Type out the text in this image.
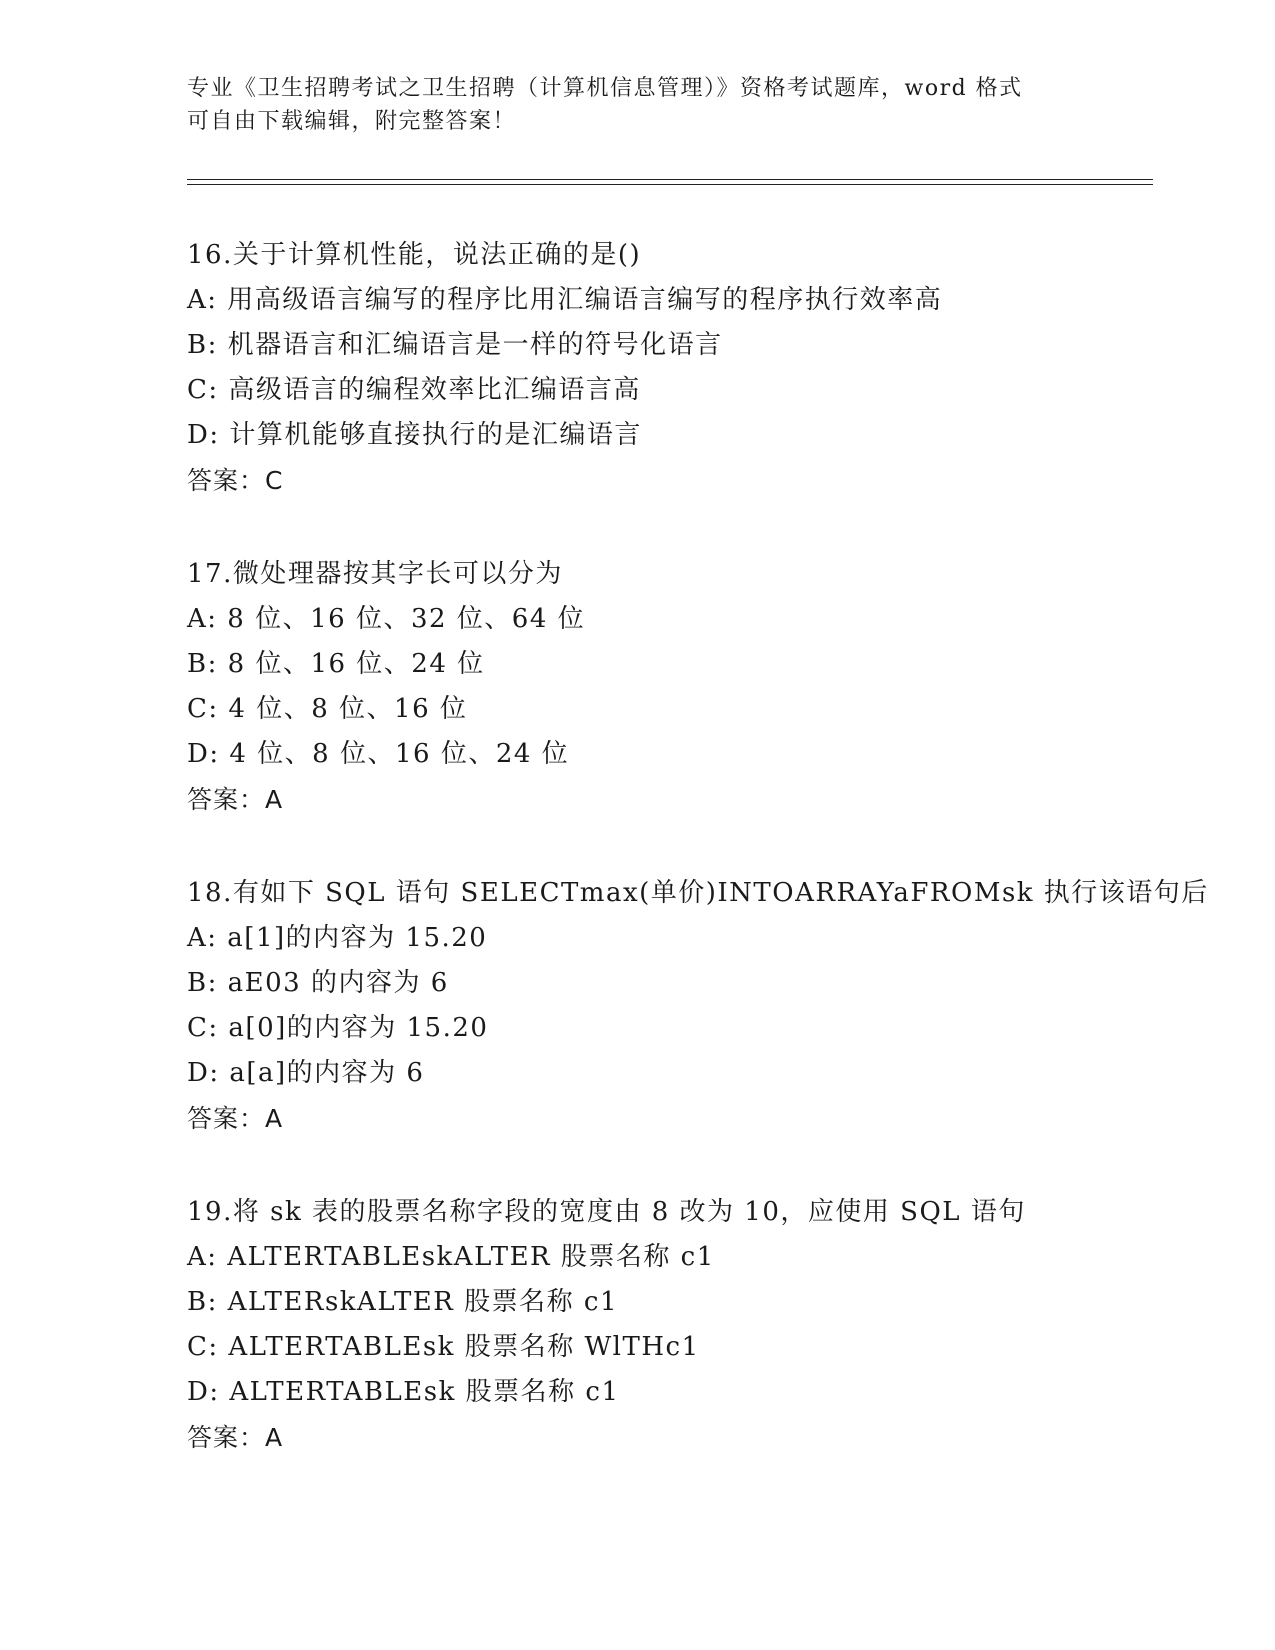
专业《卫生招聘考试之卫生招聘（计算机信息管理）》资格考试题库，word 格式
可自由下载编辑，附完整答案！
16.关于计算机性能，说法正确的是()
A: 用高级语言编写的程序比用汇编语言编写的程序执行效率高
B: 机器语言和汇编语言是一样的符号化语言
C: 高级语言的编程效率比汇编语言高
D: 计算机能够直接执行的是汇编语言
答案：C
17.微处理器按其字长可以分为
A: 8 位、16 位、32 位、64 位
B: 8 位、16 位、24 位
C: 4 位、8 位、16 位
D: 4 位、8 位、16 位、24 位
答案：A
18.有如下 SQL 语句 SELECTmax(单价)INTOARRAYaFROMsk 执行该语句后
A: a[1]的内容为 15.20
B: aE03 的内容为 6
C: a[0]的内容为 15.20
D: a[a]的内容为 6
答案：A
19.将 sk 表的股票名称字段的宽度由 8 改为 10，应使用 SQL 语句
A: ALTERTABLEskALTER 股票名称 c1
B: ALTERskALTER 股票名称 c1
C: ALTERTABLEsk 股票名称 WlTHc1
D: ALTERTABLEsk 股票名称 c1
答案：A
